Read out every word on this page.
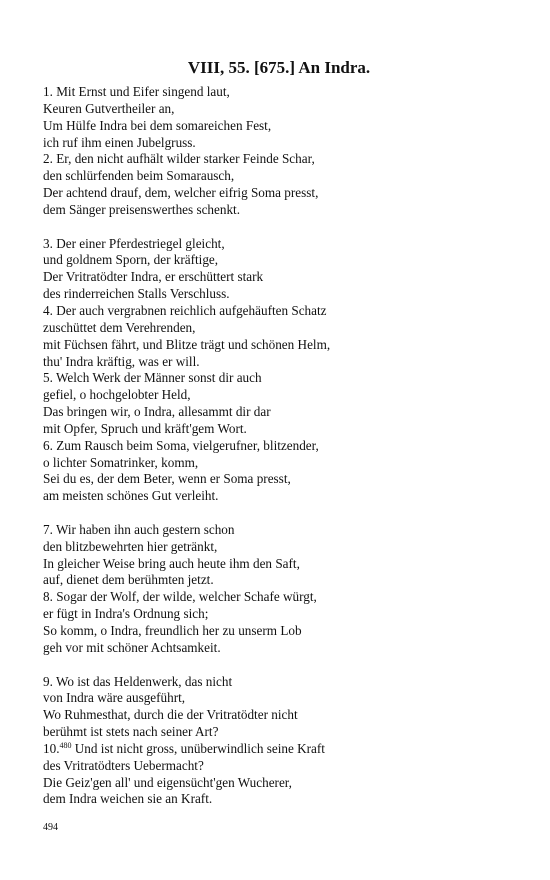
VIII, 55. [675.] An Indra.
1. Mit Ernst und Eifer singend laut,
Keuren Gutvertheiler an,
Um Hülfe Indra bei dem somareichen Fest,
ich ruf ihm einen Jubelgruss.
2. Er, den nicht aufhält wilder starker Feinde Schar,
den schlürfenden beim Somarausch,
Der achtend drauf, dem, welcher eifrig Soma presst,
dem Sänger preisenswerthes schenkt.
3. Der einer Pferdestriegel gleicht,
und goldnem Sporn, der kräftige,
Der Vritratödter Indra, er erschüttert stark
des rinderreichen Stalls Verschluss.
4. Der auch vergrabnen reichlich aufgehäuften Schatz
zuschüttet dem Verehrenden,
mit Füchsen fährt, und Blitze trägt und schönen Helm,
thu' Indra kräftig, was er will.
5. Welch Werk der Männer sonst dir auch
gefiel, o hochgelobter Held,
Das bringen wir, o Indra, allesammt dir dar
mit Opfer, Spruch und kräft'gem Wort.
6. Zum Rausch beim Soma, vielgerufner, blitzender,
o lichter Somatrinker, komm,
Sei du es, der dem Beter, wenn er Soma presst,
am meisten schönes Gut verleiht.
7. Wir haben ihn auch gestern schon
den blitzbewehrten hier getränkt,
In gleicher Weise bring auch heute ihm den Saft,
auf, dienet dem berühmten jetzt.
8. Sogar der Wolf, der wilde, welcher Schafe würgt,
er fügt in Indra's Ordnung sich;
So komm, o Indra, freundlich her zu unserm Lob
geh vor mit schöner Achtsamkeit.
9. Wo ist das Heldenwerk, das nicht
von Indra wäre ausgeführt,
Wo Ruhmesthat, durch die der Vritratödter nicht
berühmt ist stets nach seiner Art?
10.$^{480}$ Und ist nicht gross, unüberwindlich seine Kraft
des Vritratödters Uebermacht?
Die Geiz'gen all' und eigensücht'gen Wucherer,
dem Indra weichen sie an Kraft.
494
